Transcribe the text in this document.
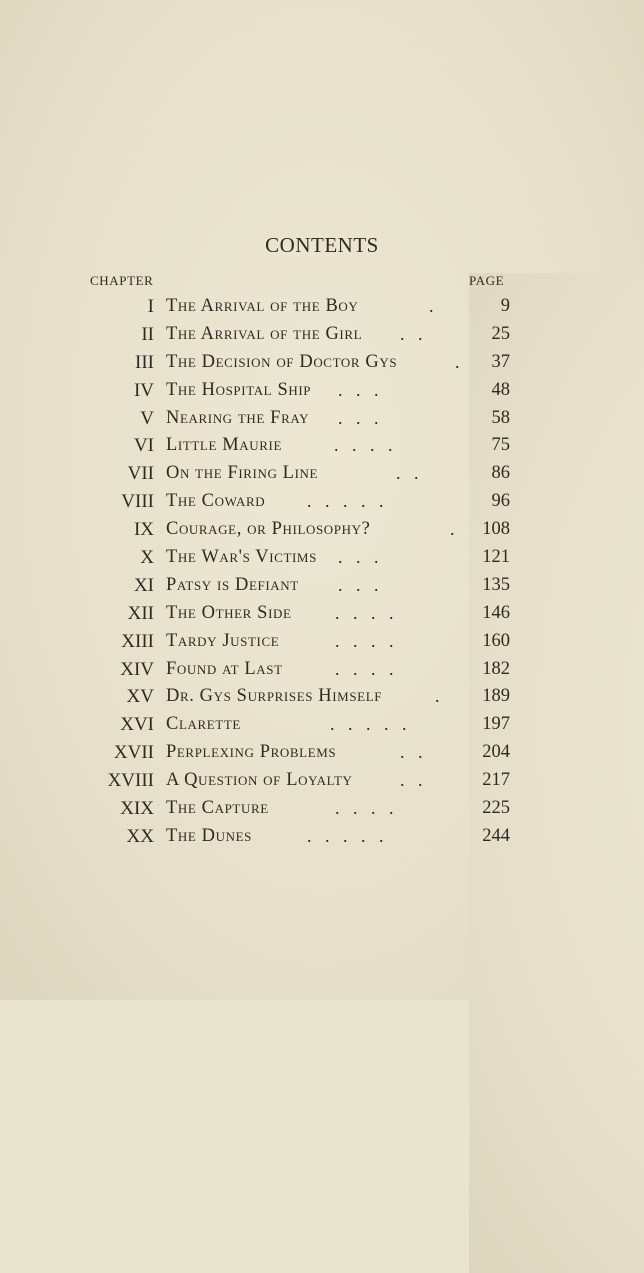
CONTENTS
CHAPTER	PAGE
I The Arrival of the Boy	.	9
II The Arrival of the Girl .   .	25
III The Decision of Doctor Gys	. 37
IV The Hospital Ship .   .   .	48
V Nearing the Fray .   .   .	58
VI Little Maurie	.   .   .   .	75
VII On the Firing Line	.   .	86
VIII The Coward .   .   .   .   .	96
IX Courage, or Philosophy?	. 108
X The War's Victims .   .   .	121
XI Patsy is Defiant .   .   .	135
XII The Other Side .   .   .   .	146
XIII Tardy Justice	.   .   .   .	160
XIV Found at Last	.   .   .   .	182
XV Dr. Gys Surprises Himself	. 189
XVI Clarette	.   .   .   .   .	197
XVII Perplexing Problems	.   .	204
XVIII A Question of Loyalty	.   .	217
XIX The Capture	.   .   .   .	225
XX The Dunes	.   .   .   .   .	244
